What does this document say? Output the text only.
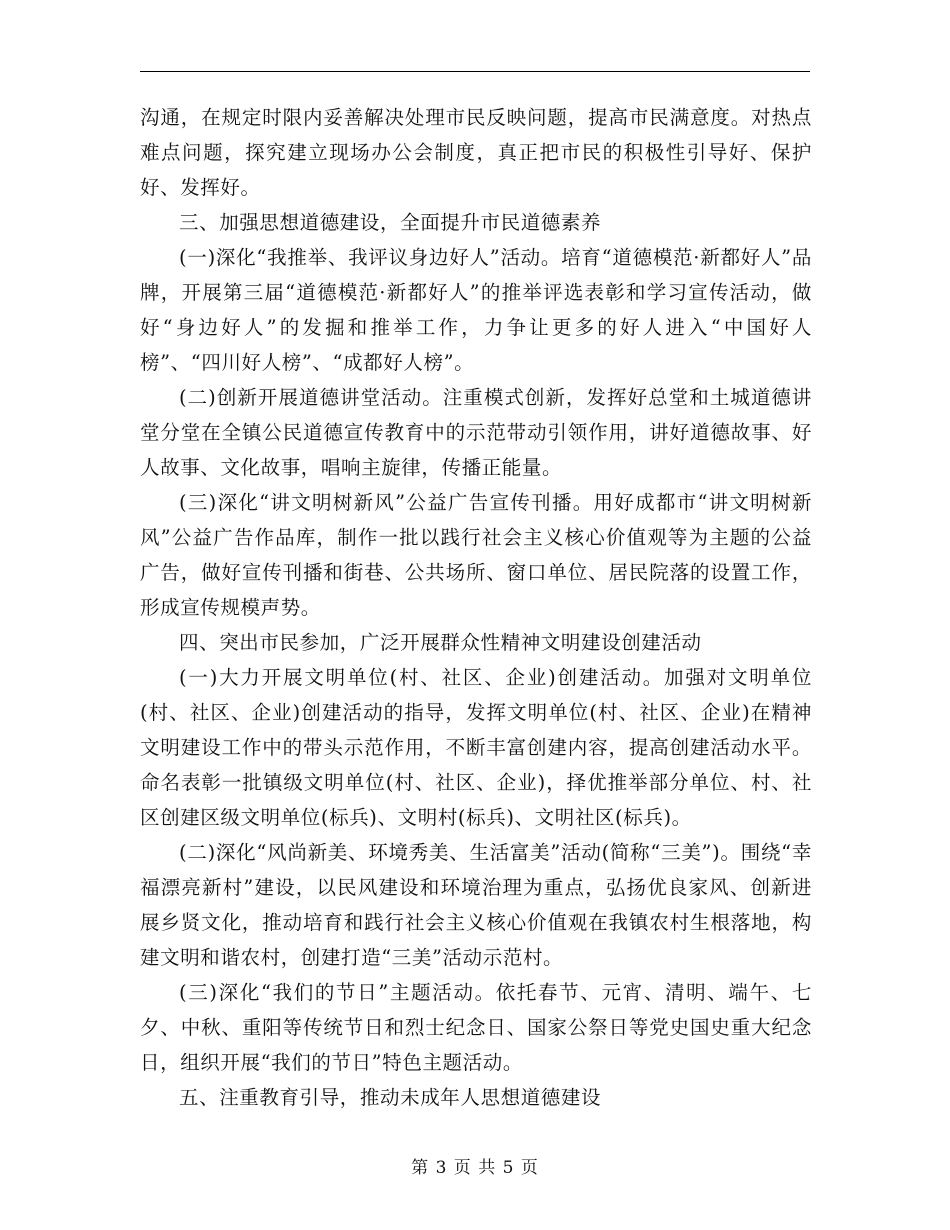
沟通，在规定时限内妥善解决处理市民反映问题，提高市民满意度。对热点难点问题，探究建立现场办公会制度，真正把市民的积极性引导好、保护好、发挥好。

三、加强思想道德建设，全面提升市民道德素养

(一)深化“我推举、我评议身边好人”活动。培育“道德模范·新都好人”品牌，开展第三届“道德模范·新都好人”的推举评选表彰和学习宣传活动，做好“身边好人”的发掘和推举工作，力争让更多的好人进入“中国好人榜”、“四川好人榜”、“成都好人榜”。

(二)创新开展道德讲堂活动。注重模式创新，发挥好总堂和土城道德讲堂分堂在全镇公民道德宣传教育中的示范带动引领作用，讲好道德故事、好人故事、文化故事，唱响主旋律，传播正能量。

(三)深化“讲文明树新风”公益广告宣传刊播。用好成都市“讲文明树新风”公益广告作品库，制作一批以践行社会主义核心价值观等为主题的公益广告，做好宣传刊播和街巷、公共场所、窗口单位、居民院落的设置工作，形成宣传规模声势。

四、突出市民参加，广泛开展群众性精神文明建设创建活动

(一)大力开展文明单位(村、社区、企业)创建活动。加强对文明单位(村、社区、企业)创建活动的指导，发挥文明单位(村、社区、企业)在精神文明建设工作中的带头示范作用，不断丰富创建内容，提高创建活动水平。命名表彰一批镇级文明单位(村、社区、企业)，择优推举部分单位、村、社区创建区级文明单位(标兵)、文明村(标兵)、文明社区(标兵)。

(二)深化“风尚新美、环境秀美、生活富美”活动(简称“三美”)。围绕“幸福漂亮新村”建设，以民风建设和环境治理为重点，弘扬优良家风、创新进展乡贤文化，推动培育和践行社会主义核心价值观在我镇农村生根落地，构建文明和谐农村，创建打造“三美”活动示范村。

(三)深化“我们的节日”主题活动。依托春节、元宵、清明、端午、七夕、中秋、重阳等传统节日和烈士纪念日、国家公祭日等党史国史重大纪念日，组织开展“我们的节日”特色主题活动。

五、注重教育引导，推动未成年人思想道德建设

第 3 页 共 5 页
